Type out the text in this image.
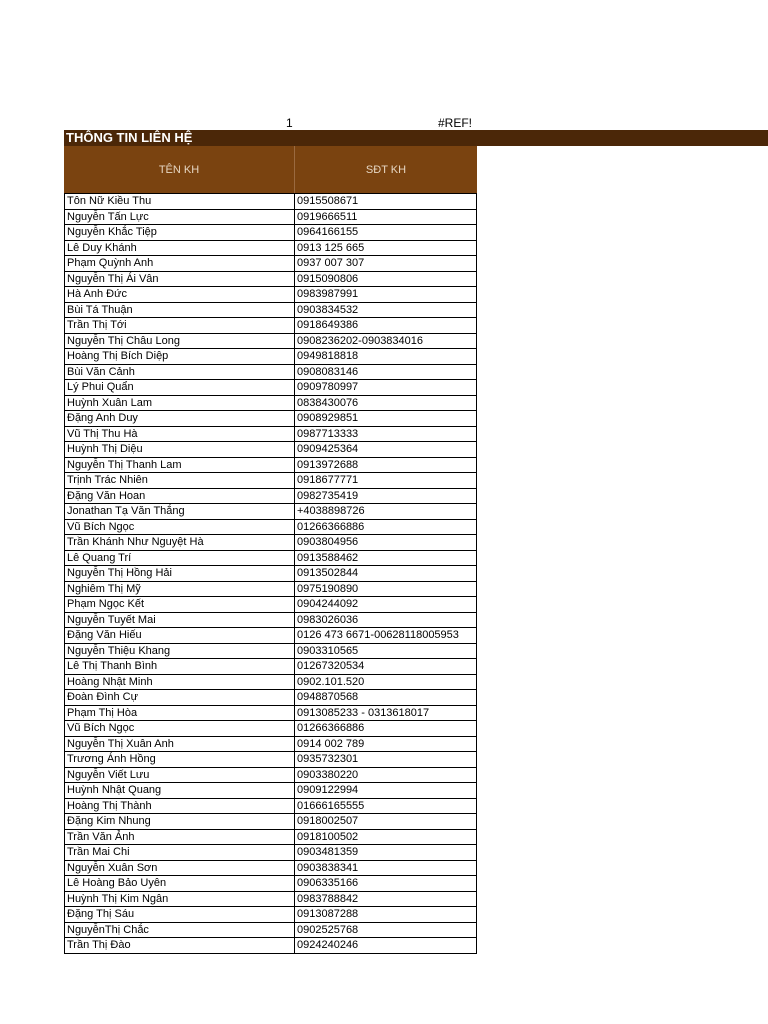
1	#REF!
THÔNG TIN LIÊN HỆ
TÊN KH	SĐT KH
Tôn Nữ Kiều Thu	0915508671
Nguyễn Tấn Lực	0919666511
Nguyễn Khắc Tiệp	0964166155
Lê Duy Khánh	0913 125 665
Phạm Quỳnh Anh	0937 007 307
Nguyễn Thị Ái Vân	0915090806
Hà Anh Đức	0983987991
Bùi Tá Thuận	0903834532
Trần Thị Tới	0918649386
Nguyễn Thị Châu Long	0908236202-0903834016
Hoàng Thị Bích Diệp	0949818818
Bùi Văn Cảnh	0908083146
Lý Phui Quẩn	0909780997
Huỳnh Xuân Lam	0838430076
Đặng Anh Duy	0908929851
Vũ Thị Thu Hà	0987713333
Huỳnh Thị Diệu	0909425364
Nguyễn Thị Thanh Lam	0913972688
Trịnh Trác Nhiên	0918677771
Đặng Văn Hoan	0982735419
Jonathan Tạ Văn Thắng	+4038898726
Vũ Bích Ngọc	01266366886
Trần Khánh Như Nguyệt Hà	0903804956
Lê Quang Trí	0913588462
Nguyễn Thị Hồng Hải	0913502844
Nghiêm Thị Mỹ	0975190890
Phạm Ngọc Kết	0904244092
Nguyễn Tuyết Mai	0983026036
Đặng Văn Hiếu	0126 473 6671-00628118005953
Nguyễn Thiệu Khang	0903310565
Lê Thị Thanh Bình	01267320534
Hoàng Nhật Minh	0902.101.520
Đoàn Đình Cự	0948870568
Phạm Thị Hòa	0913085233 - 0313618017
Vũ Bích Ngọc	01266366886
Nguyễn Thị Xuân Anh	0914 002 789
Trương Ánh Hồng	0935732301
Nguyễn Viết Lưu	0903380220
Huỳnh Nhật Quang	0909122994
Hoàng Thị Thành	01666165555
Đặng Kim Nhung	0918002507
Trần Văn Ảnh	0918100502
Trần Mai Chi	0903481359
Nguyễn Xuân Sơn	0903838341
Lê Hoàng Bảo Uyên	0906335166
Huỳnh Thị Kim Ngân	0983788842
Đặng Thị Sáu	0913087288
NguyễnThị Chắc	0902525768
Trần Thị Đào	0924240246
